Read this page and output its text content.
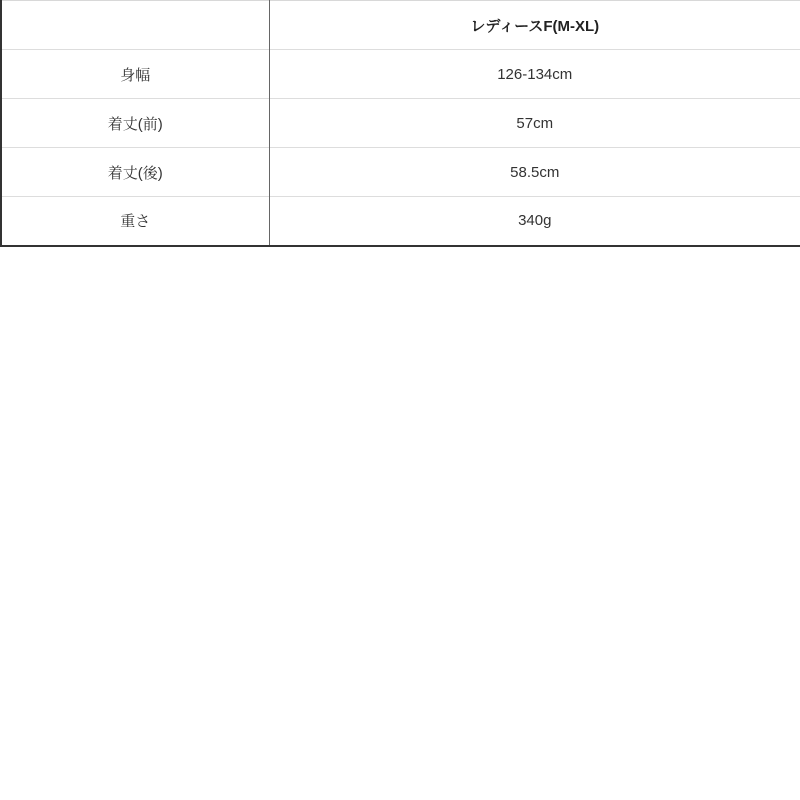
	レディースF(M-XL)
身幅	126-134cm
着丈(前)	57cm
着丈(後)	58.5cm
重さ	340g
